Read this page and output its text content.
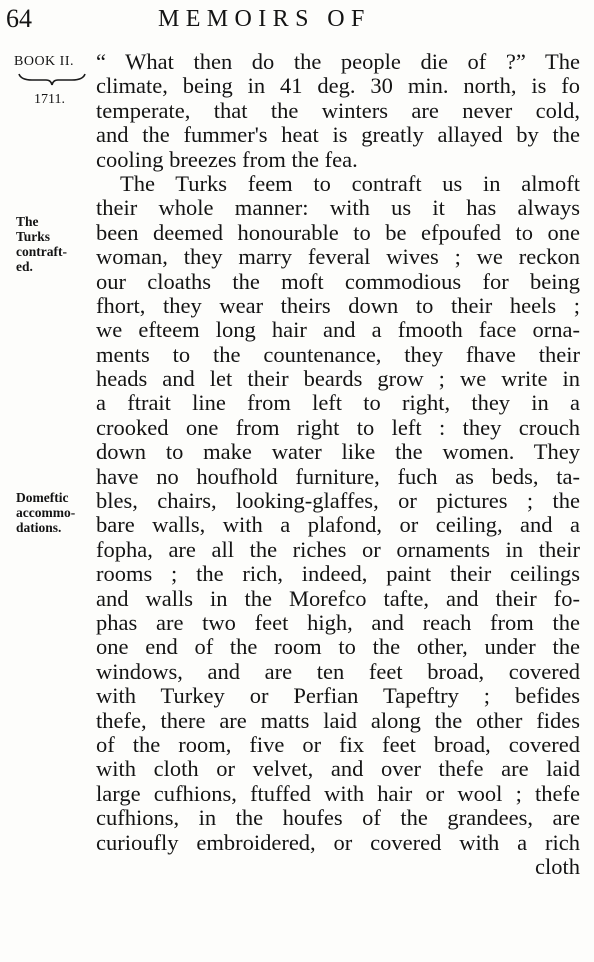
64	MEMOIRS OF
BOOK II.
1711.
The
Turks
contraft-
ed.
Domeftic
accommo-
dations.
“ What then do the people die of ?” The
climate, being in 41 deg. 30 min. north, is fo
temperate, that the winters are never cold,
and the fummer's heat is greatly allayed by the
cooling breezes from the fea.
The Turks feem to contraft us in almoft
their whole manner: with us it has always
been deemed honourable to be efpoufed to one
woman, they marry feveral wives ; we reckon
our cloaths the moft commodious for being
fhort, they wear theirs down to their heels ;
we efteem long hair and a fmooth face orna-
ments to the countenance, they fhave their
heads and let their beards grow ; we write in
a ftrait line from left to right, they in a
crooked one from right to left : they crouch
down to make water like the women. They
have no houfhold furniture, fuch as beds, ta-
bles, chairs, looking-glaffes, or pictures ; the
bare walls, with a plafond, or ceiling, and a
fopha, are all the riches or ornaments in their
rooms ; the rich, indeed, paint their ceilings
and walls in the Morefco tafte, and their fo-
phas are two feet high, and reach from the
one end of the room to the other, under the
windows, and are ten feet broad, covered
with Turkey or Perfian Tapeftry ; befides
thefe, there are matts laid along the other fides
of the room, five or fix feet broad, covered
with cloth or velvet, and over thefe are laid
large cufhions, ftuffed with hair or wool ; thefe
cufhions, in the houfes of the grandees, are
curioufly embroidered, or covered with a rich
cloth
